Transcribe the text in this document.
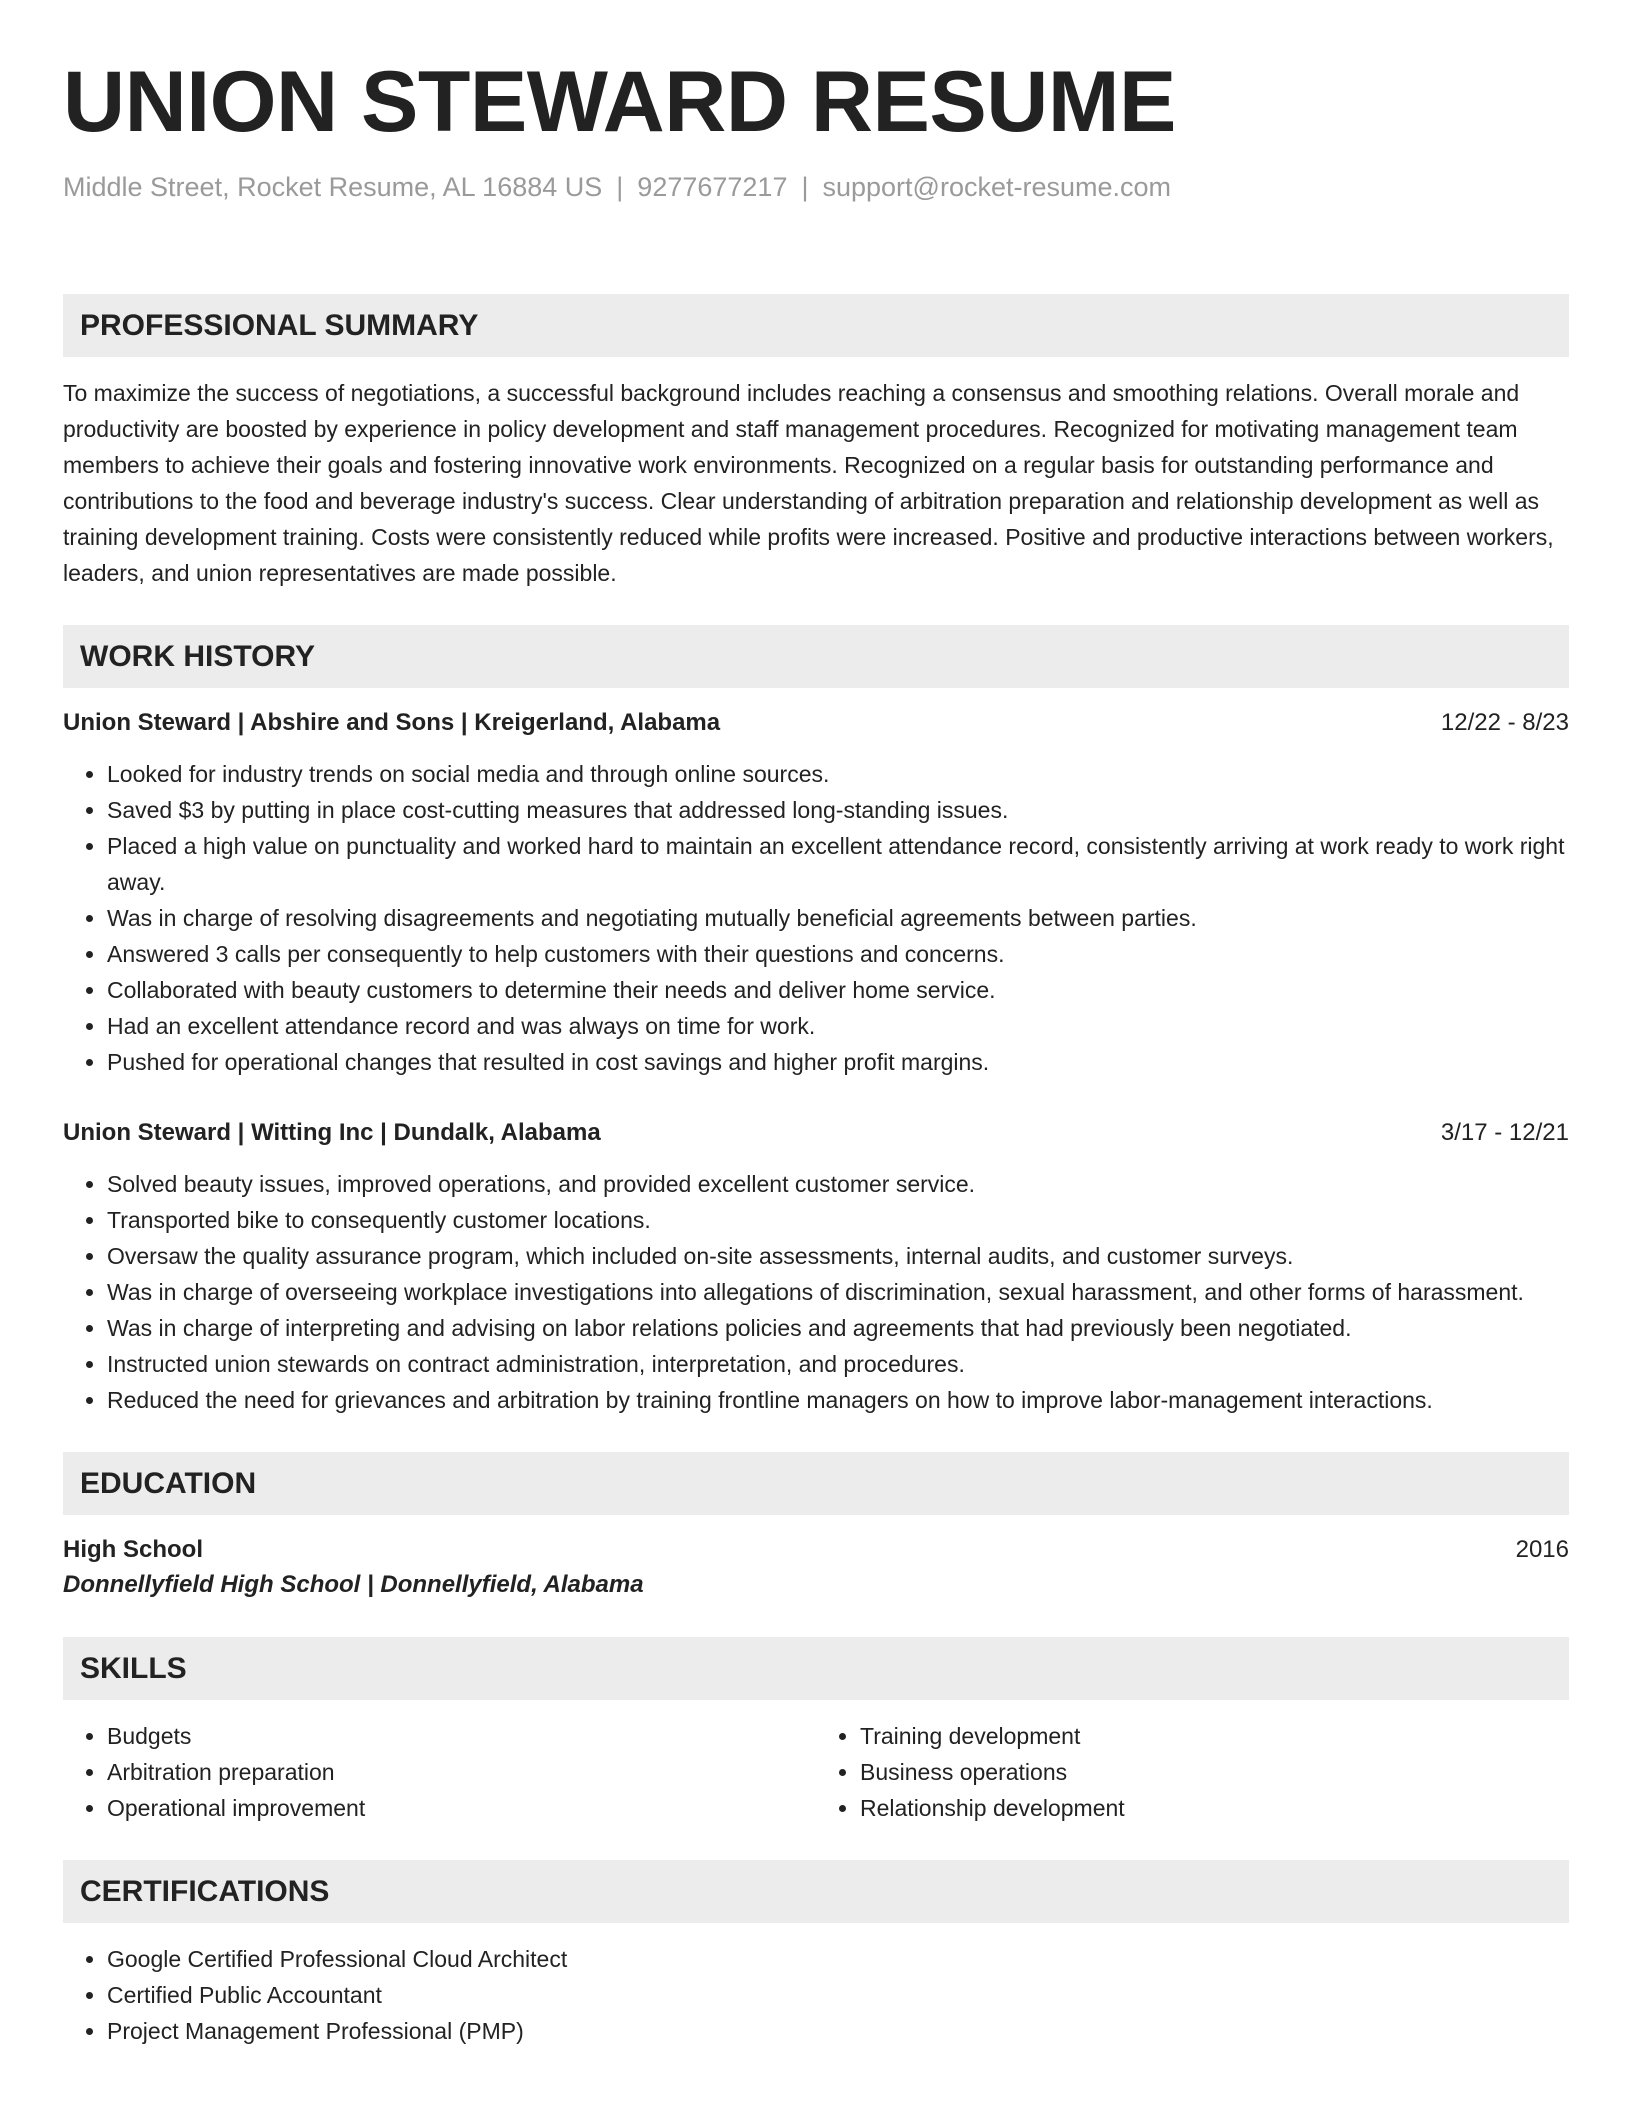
UNION STEWARD RESUME
Middle Street, Rocket Resume, AL 16884 US | 9277677217 | support@rocket-resume.com
PROFESSIONAL SUMMARY

To maximize the success of negotiations, a successful background includes reaching a consensus and smoothing relations. Overall morale and productivity are boosted by experience in policy development and staff management procedures. Recognized for motivating management team members to achieve their goals and fostering innovative work environments. Recognized on a regular basis for outstanding performance and contributions to the food and beverage industry's success. Clear understanding of arbitration preparation and relationship development as well as training development training. Costs were consistently reduced while profits were increased. Positive and productive interactions between workers, leaders, and union representatives are made possible.

WORK HISTORY
Union Steward | Abshire and Sons | Kreigerland, Alabama	12/22 - 8/23
• Looked for industry trends on social media and through online sources.
• Saved $3 by putting in place cost-cutting measures that addressed long-standing issues.
• Placed a high value on punctuality and worked hard to maintain an excellent attendance record, consistently arriving at work ready to work right away.
• Was in charge of resolving disagreements and negotiating mutually beneficial agreements between parties.
• Answered 3 calls per consequently to help customers with their questions and concerns.
• Collaborated with beauty customers to determine their needs and deliver home service.
• Had an excellent attendance record and was always on time for work.
• Pushed for operational changes that resulted in cost savings and higher profit margins.
Union Steward | Witting Inc | Dundalk, Alabama	3/17 - 12/21
• Solved beauty issues, improved operations, and provided excellent customer service.
• Transported bike to consequently customer locations.
• Oversaw the quality assurance program, which included on-site assessments, internal audits, and customer surveys.
• Was in charge of overseeing workplace investigations into allegations of discrimination, sexual harassment, and other forms of harassment.
• Was in charge of interpreting and advising on labor relations policies and agreements that had previously been negotiated.
• Instructed union stewards on contract administration, interpretation, and procedures.
• Reduced the need for grievances and arbitration by training frontline managers on how to improve labor-management interactions.
EDUCATION
High School	2016
Donnellyfield High School | Donnellyfield, Alabama
SKILLS
• Budgets
• Arbitration preparation
• Operational improvement
• Training development
• Business operations
• Relationship development
CERTIFICATIONS
• Google Certified Professional Cloud Architect
• Certified Public Accountant
• Project Management Professional (PMP)
